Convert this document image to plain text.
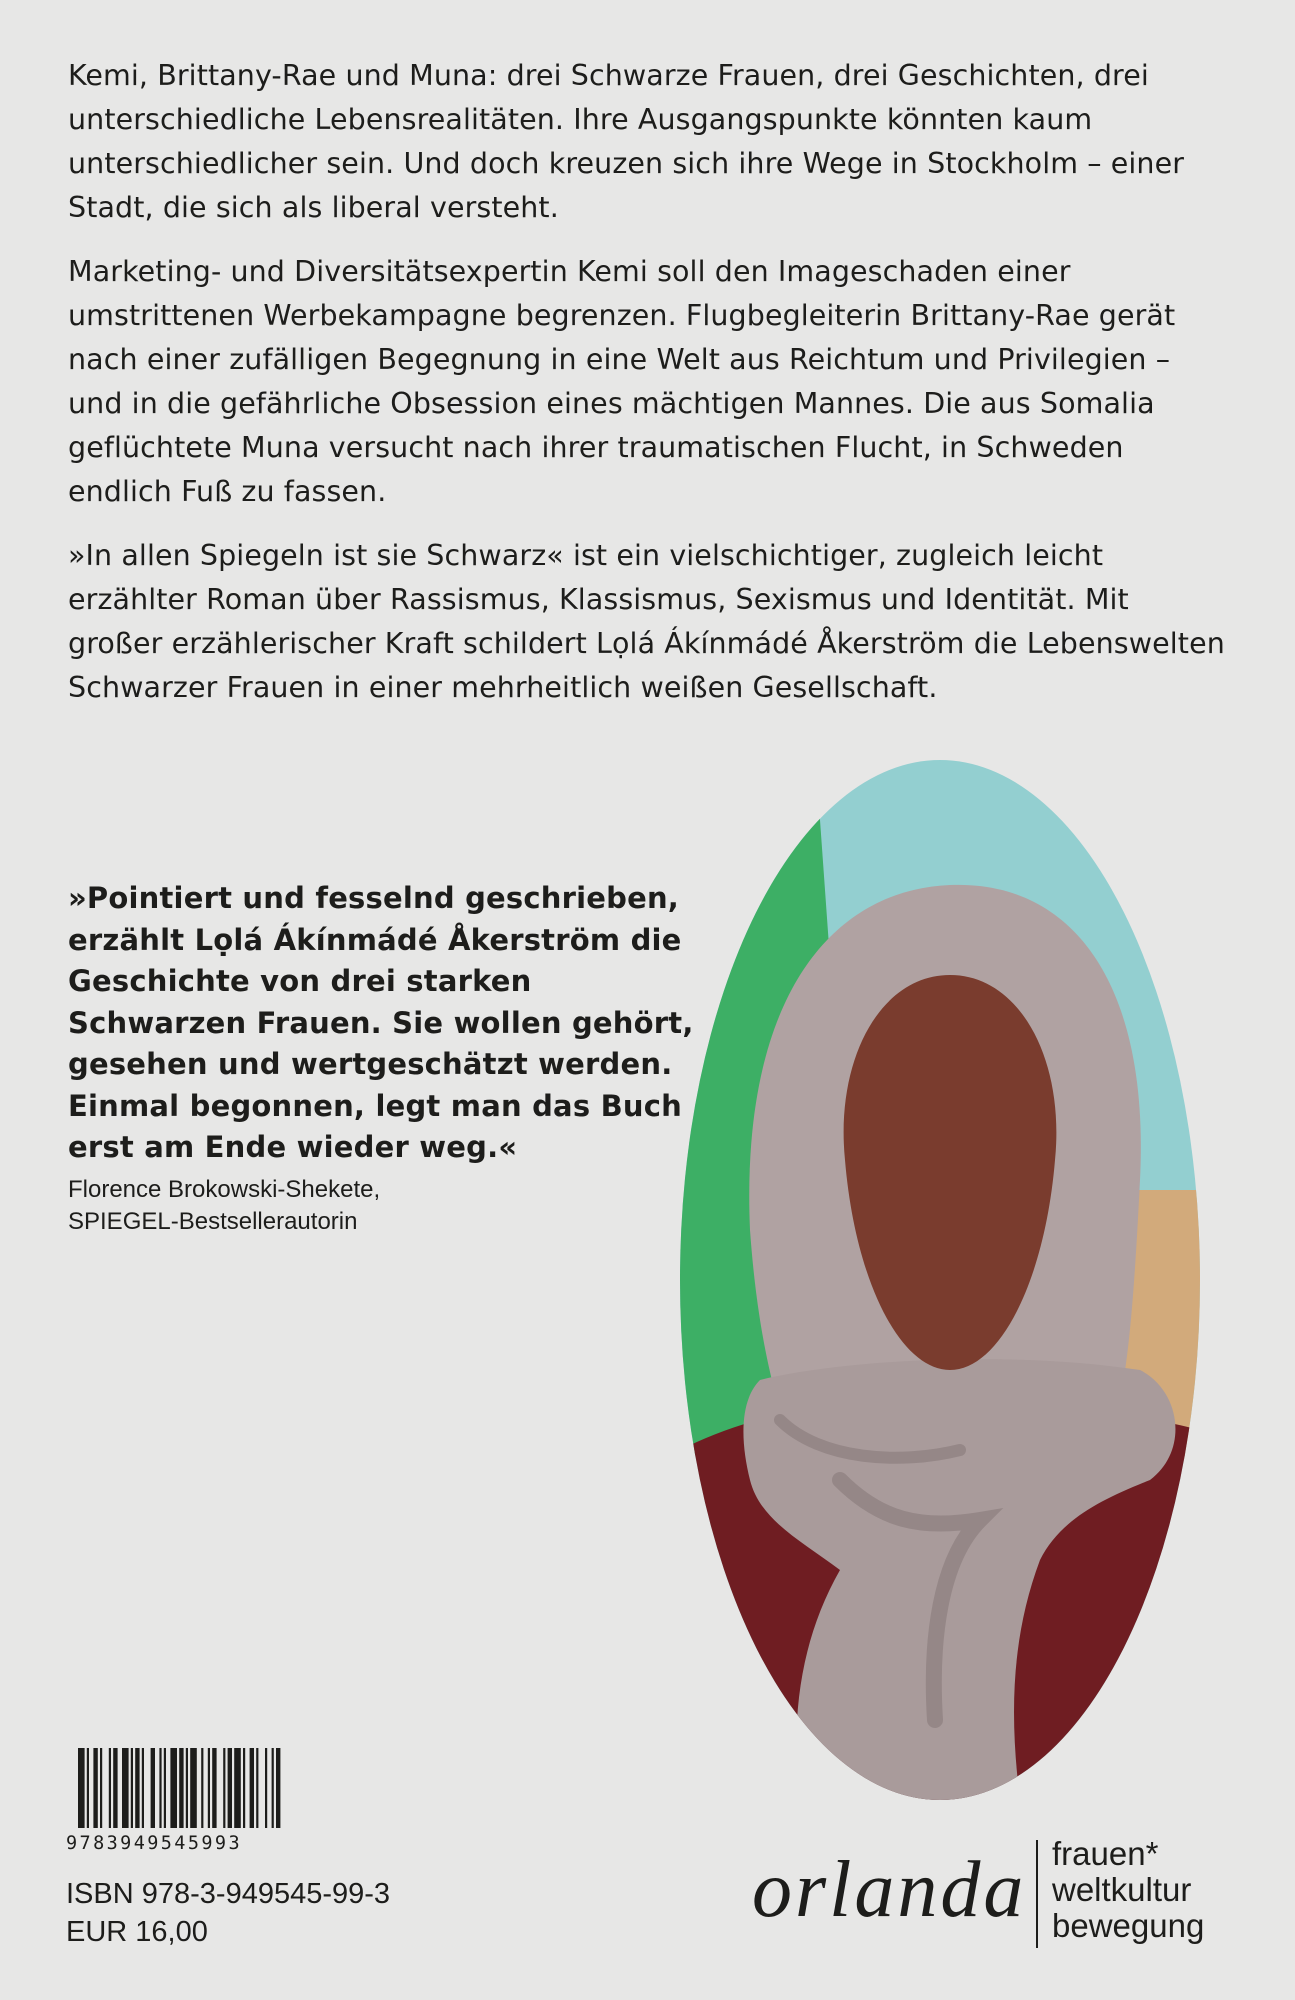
Kemi, Brittany-Rae und Muna: drei Schwarze Frauen, drei Geschichten, drei unterschiedliche Lebensrealitäten. Ihre Ausgangspunkte könnten kaum unterschiedlicher sein. Und doch kreuzen sich ihre Wege in Stockholm – einer Stadt, die sich als liberal versteht.

Marketing- und Diversitätsexpertin Kemi soll den Imageschaden einer umstrittenen Werbekampagne begrenzen. Flugbegleiterin Brittany-Rae gerät nach einer zufälligen Begegnung in eine Welt aus Reichtum und Privilegien – und in die gefährliche Obsession eines mächtigen Mannes. Die aus Somalia geflüchtete Muna versucht nach ihrer traumatischen Flucht, in Schweden endlich Fuß zu fassen.

»In allen Spiegeln ist sie Schwarz« ist ein vielschichtiger, zugleich leicht erzählter Roman über Rassismus, Klassismus, Sexismus und Identität. Mit großer erzählerischer Kraft schildert Lọlá Ákínmádé Åkerström die Lebenswelten Schwarzer Frauen in einer mehrheitlich weißen Gesellschaft.

»Pointiert und fesselnd geschrieben, erzählt Lọlá Ákínmádé Åkerström die Geschichte von drei starken Schwarzen Frauen. Sie wollen gehört, gesehen und wertgeschätzt werden. Einmal begonnen, legt man das Buch erst am Ende wieder weg.«

Florence Brokowski-Shekete,

SPIEGEL-Bestsellerautorin

9783949545993
ISBN 978-3-949545-99-3
EUR 16,00	orlanda frauen*
weltkultur
bewegung
